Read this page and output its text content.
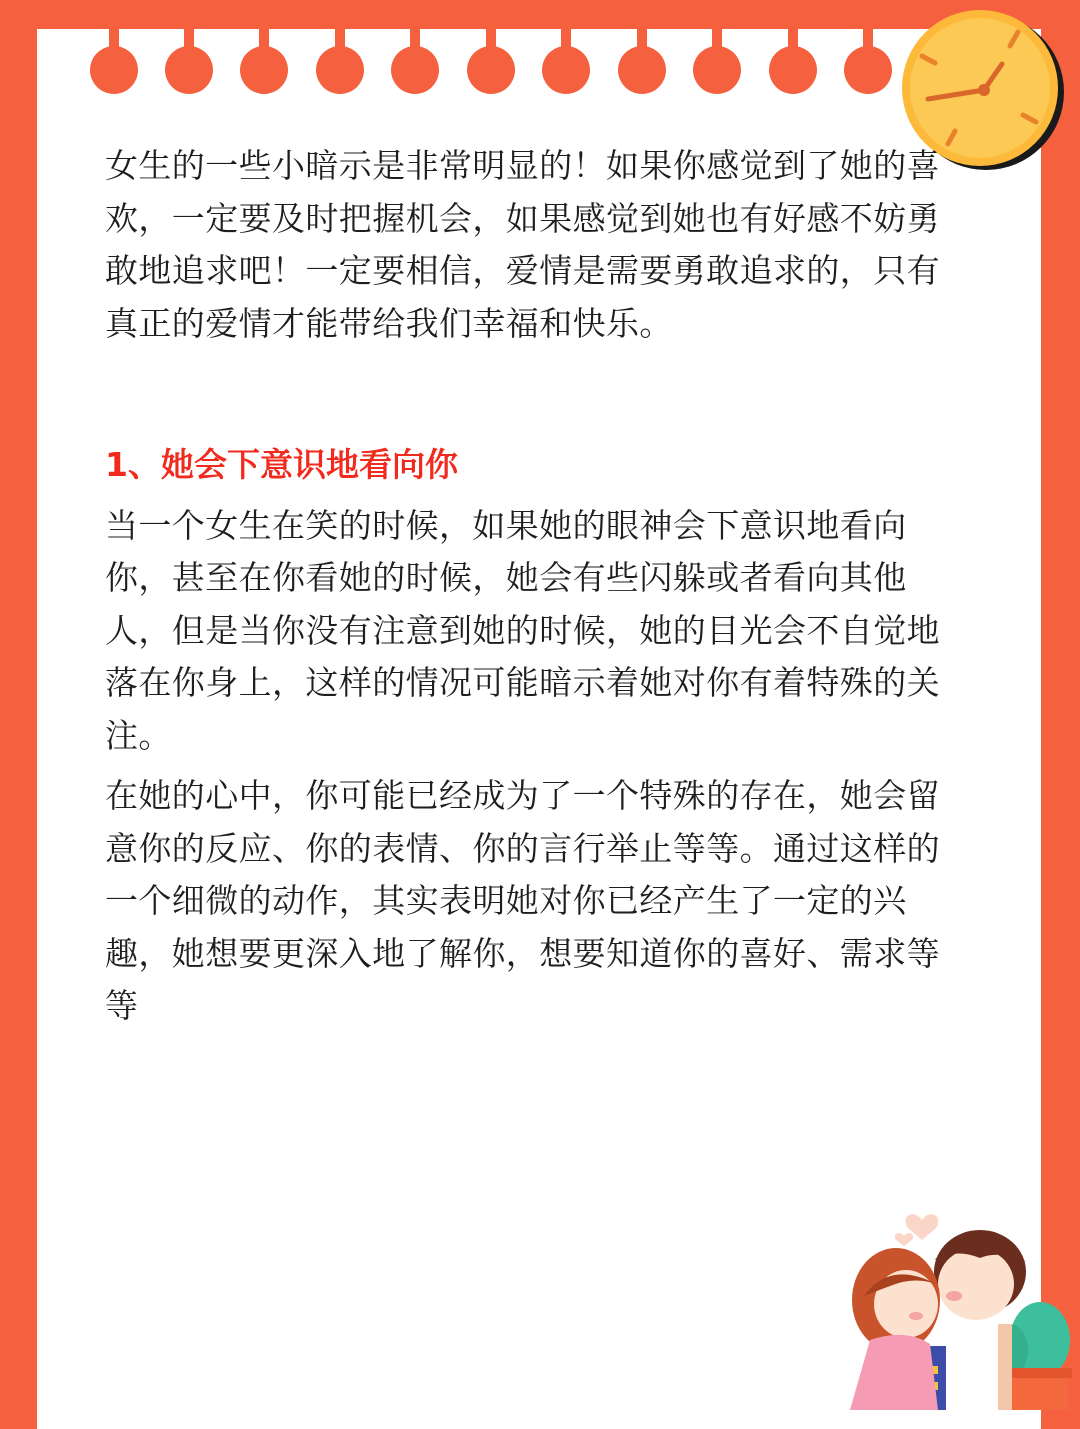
女生的一些小暗示是非常明显的！如果你感觉到了她的喜欢，一定要及时把握机会，如果感觉到她也有好感不妨勇敢地追求吧！一定要相信，爱情是需要勇敢追求的，只有真正的爱情才能带给我们幸福和快乐。

1、她会下意识地看向你

当一个女生在笑的时候，如果她的眼神会下意识地看向你，甚至在你看她的时候，她会有些闪躲或者看向其他人，但是当你没有注意到她的时候，她的目光会不自觉地落在你身上，这样的情况可能暗示着她对你有着特殊的关注。

在她的心中，你可能已经成为了一个特殊的存在，她会留意你的反应、你的表情、你的言行举止等等。通过这样的一个细微的动作，其实表明她对你已经产生了一定的兴趣，她想要更深入地了解你，想要知道你的喜好、需求等等
